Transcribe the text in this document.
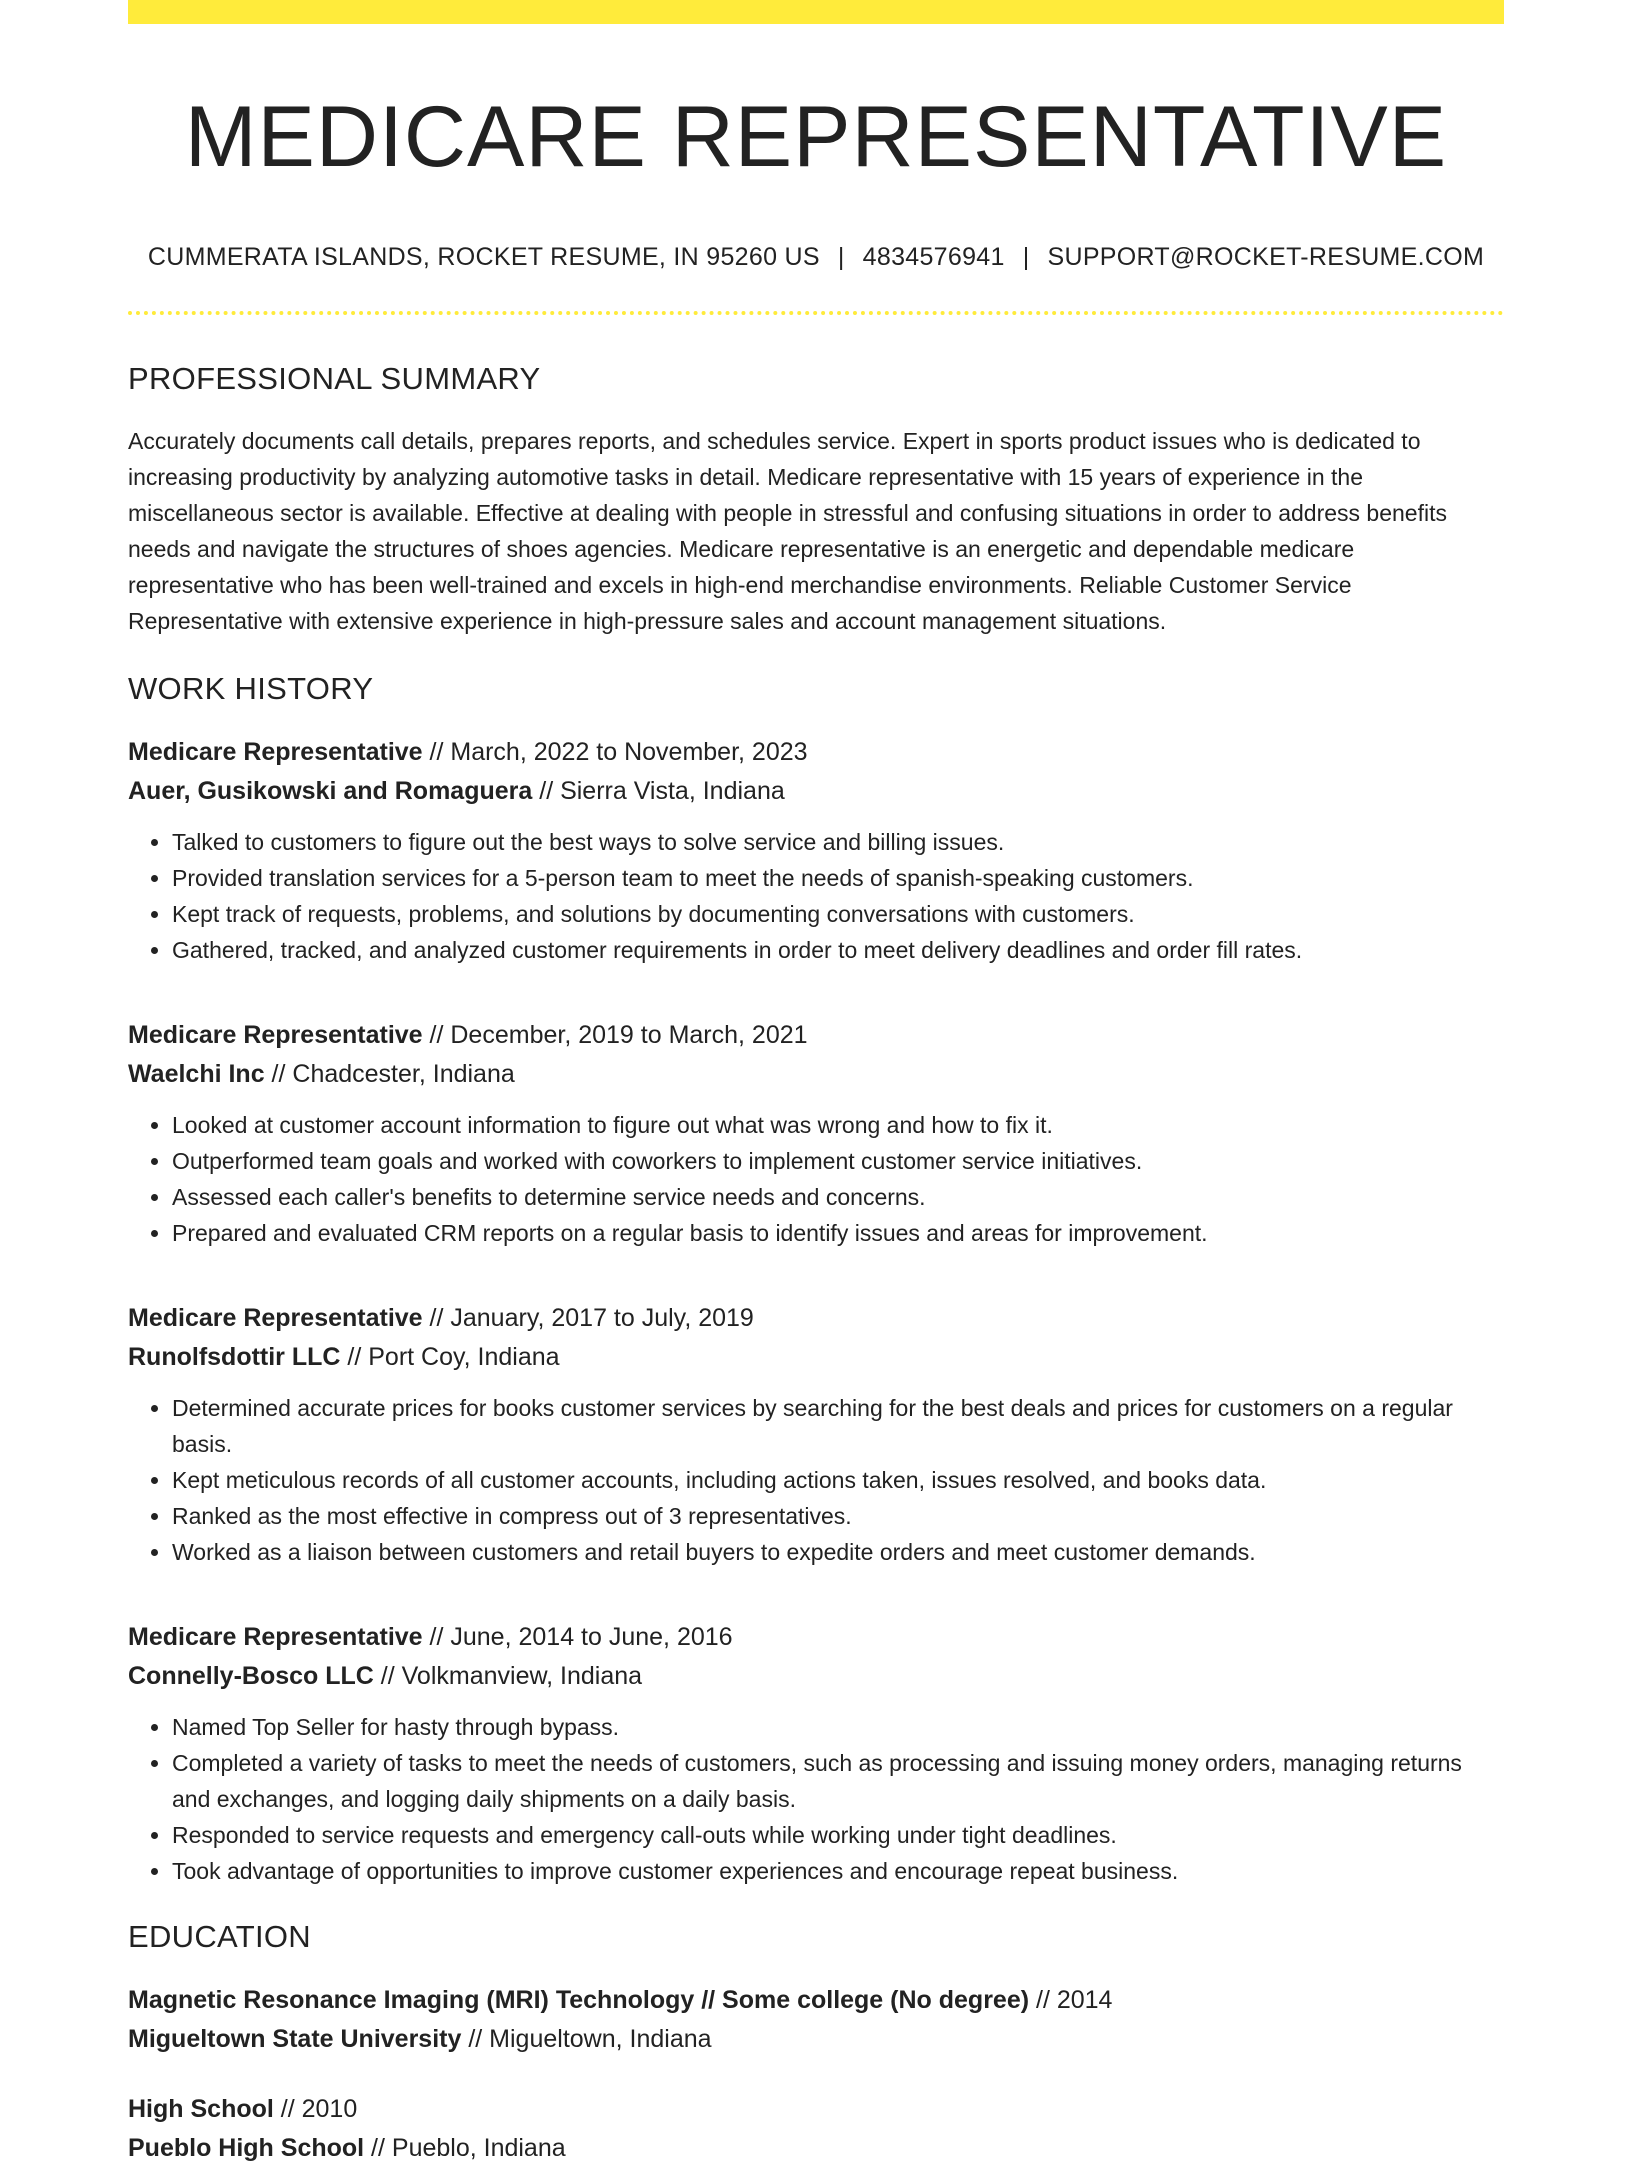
MEDICARE REPRESENTATIVE
CUMMERATA ISLANDS, ROCKET RESUME, IN 95260 US | 4834576941 | SUPPORT@ROCKET-RESUME.COM
PROFESSIONAL SUMMARY

Accurately documents call details, prepares reports, and schedules service. Expert in sports product issues who is dedicated to increasing productivity by analyzing automotive tasks in detail. Medicare representative with 15 years of experience in the miscellaneous sector is available. Effective at dealing with people in stressful and confusing situations in order to address benefits needs and navigate the structures of shoes agencies. Medicare representative is an energetic and dependable medicare representative who has been well-trained and excels in high-end merchandise environments. Reliable Customer Service Representative with extensive experience in high-pressure sales and account management situations.

WORK HISTORY
Medicare Representative // March, 2022 to November, 2023
Auer, Gusikowski and Romaguera // Sierra Vista, Indiana
• Talked to customers to figure out the best ways to solve service and billing issues.
• Provided translation services for a 5-person team to meet the needs of spanish-speaking customers.
• Kept track of requests, problems, and solutions by documenting conversations with customers.
• Gathered, tracked, and analyzed customer requirements in order to meet delivery deadlines and order fill rates.
Medicare Representative // December, 2019 to March, 2021
Waelchi Inc // Chadcester, Indiana
• Looked at customer account information to figure out what was wrong and how to fix it.
• Outperformed team goals and worked with coworkers to implement customer service initiatives.
• Assessed each caller's benefits to determine service needs and concerns.
• Prepared and evaluated CRM reports on a regular basis to identify issues and areas for improvement.
Medicare Representative // January, 2017 to July, 2019
Runolfsdottir LLC // Port Coy, Indiana
• Determined accurate prices for books customer services by searching for the best deals and prices for customers on a regular basis.
• Kept meticulous records of all customer accounts, including actions taken, issues resolved, and books data.
• Ranked as the most effective in compress out of 3 representatives.
• Worked as a liaison between customers and retail buyers to expedite orders and meet customer demands.
Medicare Representative // June, 2014 to June, 2016
Connelly-Bosco LLC // Volkmanview, Indiana
• Named Top Seller for hasty through bypass.
• Completed a variety of tasks to meet the needs of customers, such as processing and issuing money orders, managing returns and exchanges, and logging daily shipments on a daily basis.
• Responded to service requests and emergency call-outs while working under tight deadlines.
• Took advantage of opportunities to improve customer experiences and encourage repeat business.
EDUCATION
Magnetic Resonance Imaging (MRI) Technology // Some college (No degree) // 2014
Migueltown State University // Migueltown, Indiana
High School // 2010
Pueblo High School // Pueblo, Indiana
